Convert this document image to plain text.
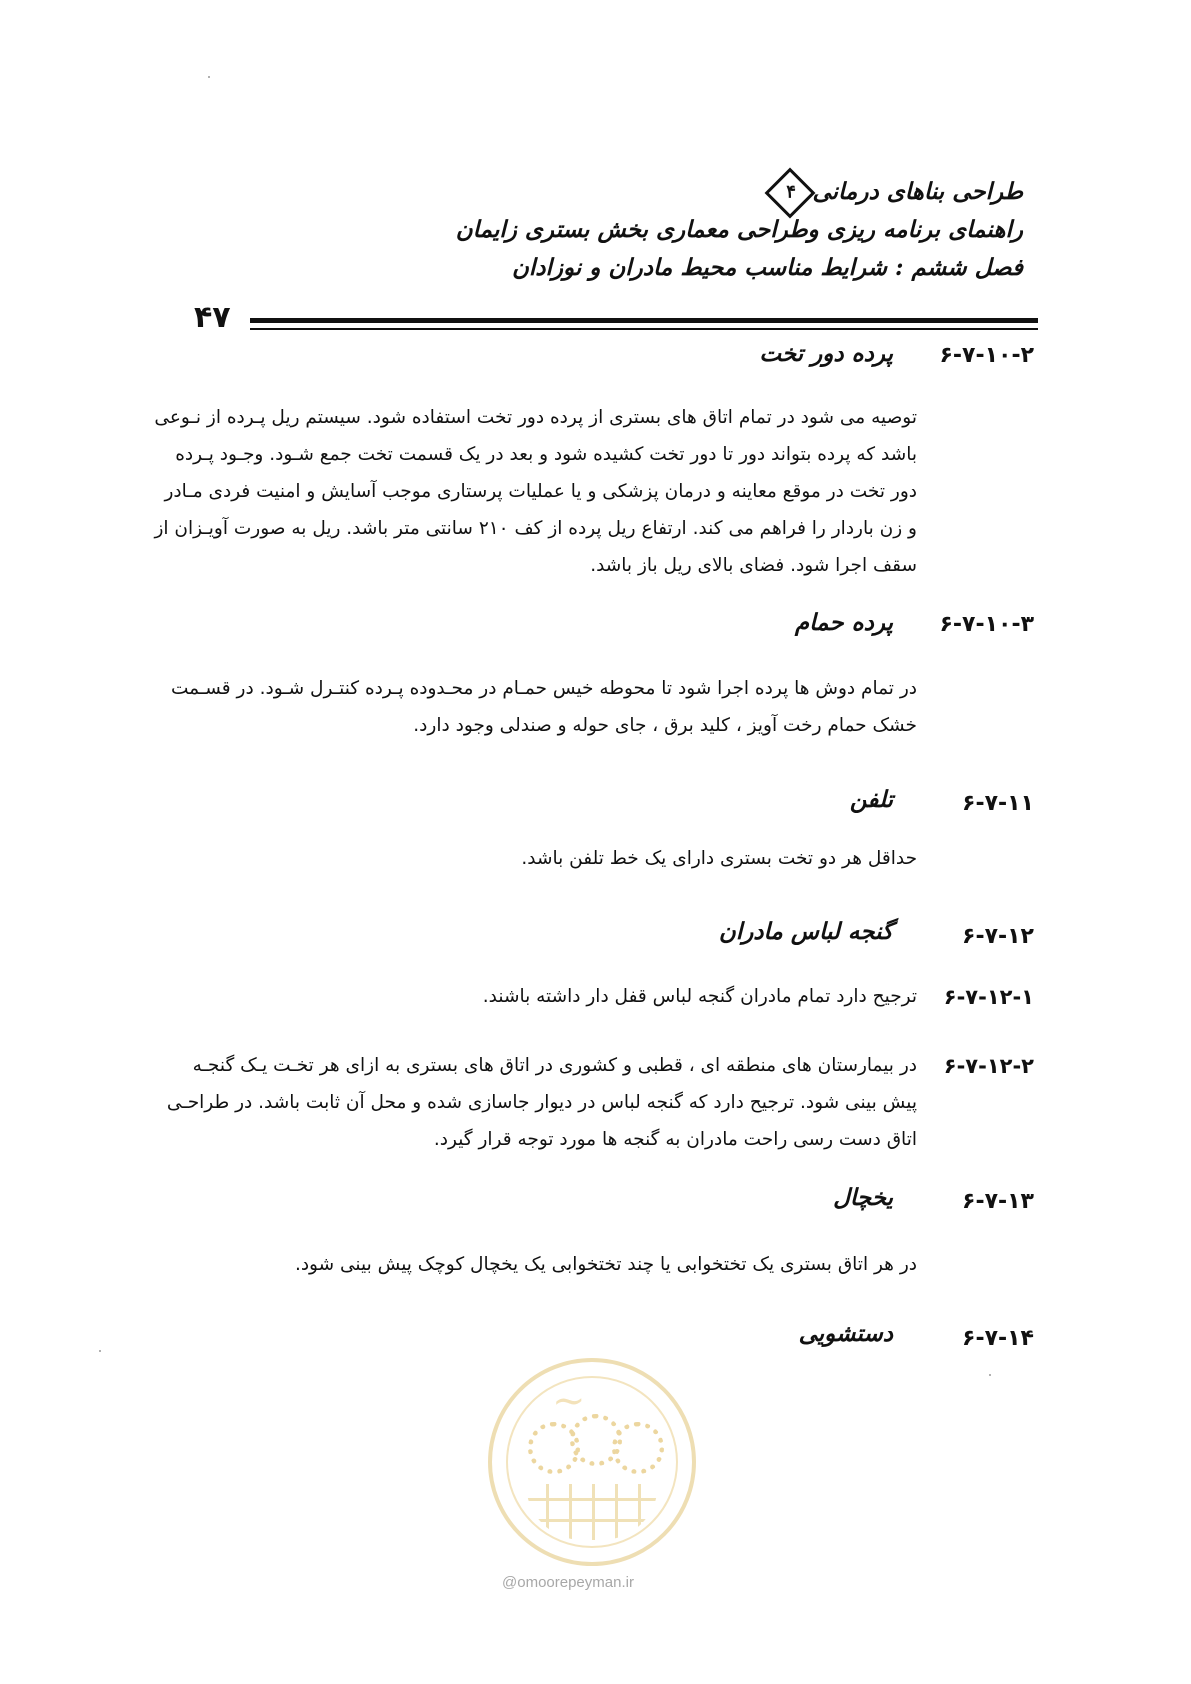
طراحی بناهای درمانی
۴
راهنمای برنامه ریزی وطراحی معماری بخش بستری زایمان
فصل ششم : شرایط مناسب محیط مادران و نوزادان
۴۷
۶-۷-۱۰-۲
پرده دور تخت
توصیه می شود در تمام اتاق های بستری از پرده دور تخت استفاده شود. سیستم ریل پـرده از نـوعی
باشد که پرده بتواند دور تا دور تخت کشیده شود و بعد در یک قسمت تخت جمع شـود. وجـود پـرده
دور تخت در موقع معاینه و درمان پزشکی و یا عملیات پرستاری موجب آسایش و امنیت فردی مـادر
و زن باردار را فراهم می کند. ارتفاع ریل پرده از کف ۲۱۰ سانتی متر باشد. ریل به صورت آویـزان از
سقف اجرا شود. فضای بالای ریل باز باشد.
۶-۷-۱۰-۳
پرده حمام
در تمام دوش ها پرده اجرا شود تا محوطه خیس حمـام در محـدوده پـرده کنتـرل شـود. در قسـمت
خشک حمام رخت آویز ، کلید برق ، جای حوله و صندلی وجود دارد.
۶-۷-۱۱
تلفن
حداقل هر دو تخت بستری دارای یک خط تلفن باشد.
۶-۷-۱۲
گنجه لباس مادران
۶-۷-۱۲-۱
ترجیح دارد تمام مادران گنجه لباس قفل دار داشته باشند.
۶-۷-۱۲-۲
در بیمارستان های منطقه ای ، قطبی و کشوری در اتاق های بستری به ازای هر تخـت یـک گنجـه
پیش بینی شود. ترجیح دارد که گنجه لباس در دیوار جاسازی شده و محل آن ثابت باشد. در طراحـی
اتاق دست رسی راحت مادران به گنجه ها مورد توجه قرار گیرد.
۶-۷-۱۳
یخچال
در هر اتاق بستری یک تختخوابی یا چند تختخوابی یک یخچال کوچک پیش بینی شود.
۶-۷-۱۴
دستشویی
~
@omoorepeyman.ir
